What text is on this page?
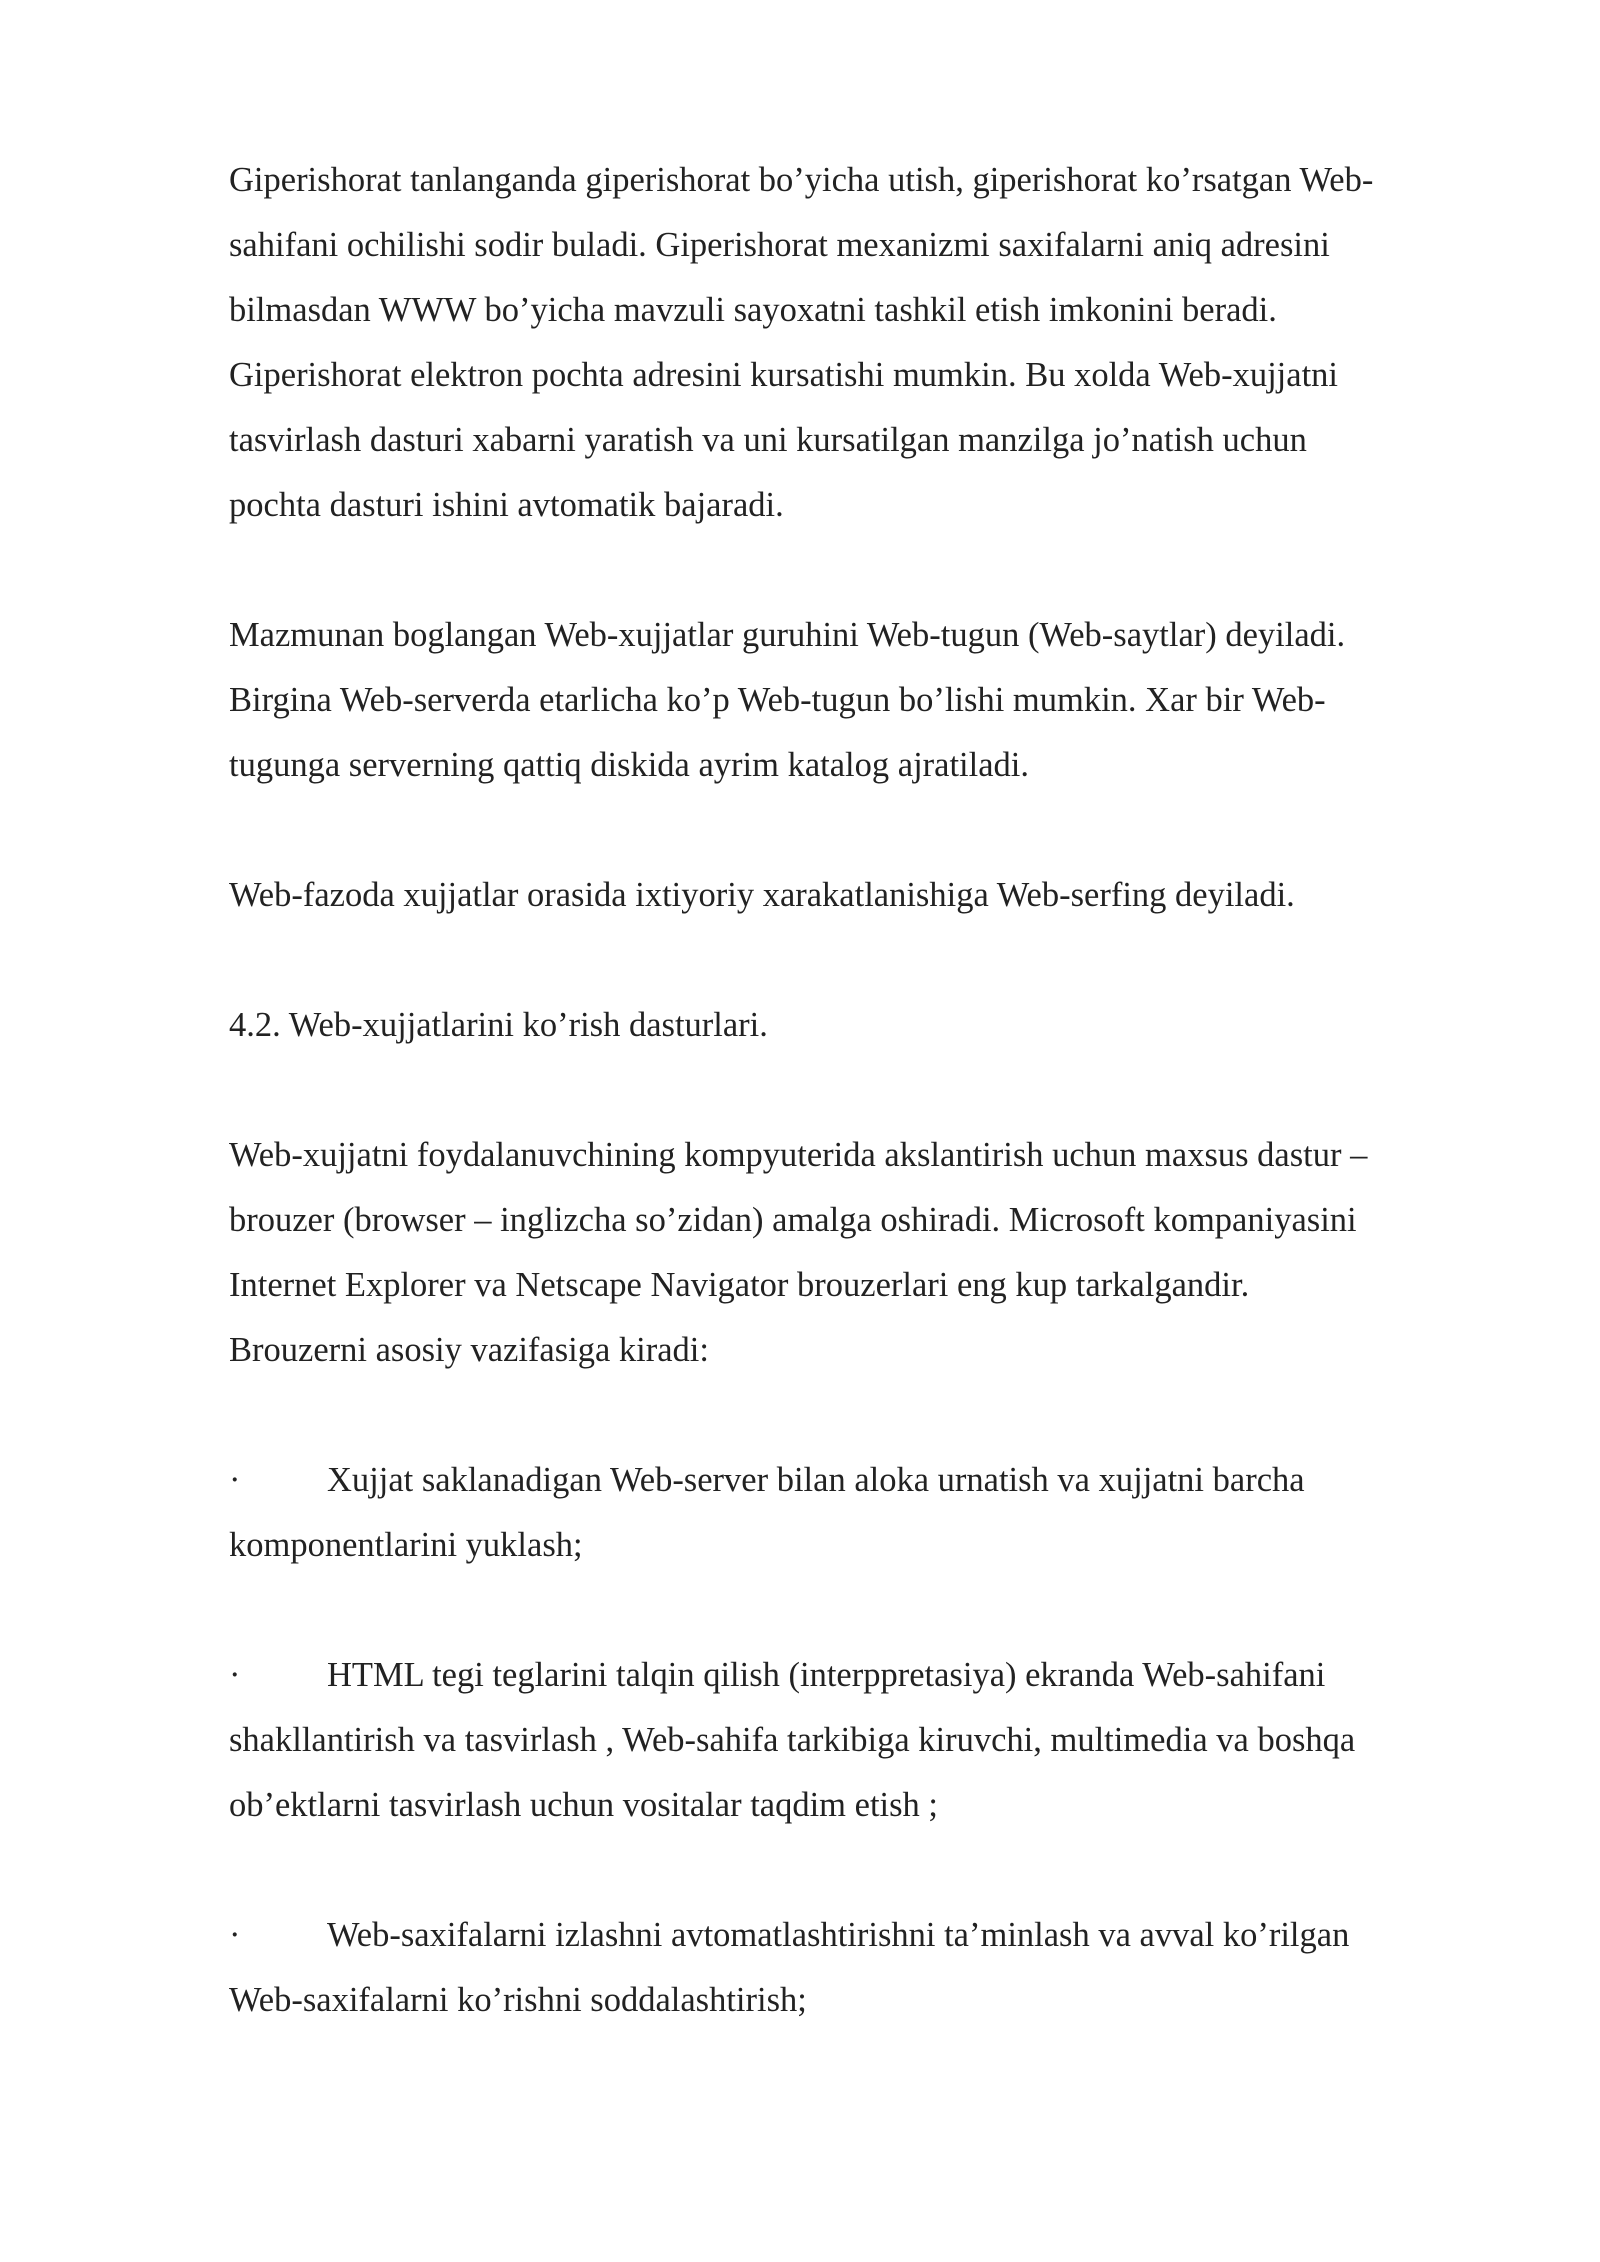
Giperishorat tanlanganda giperishorat bo’yicha utish, giperishorat ko’rsatgan Web-
sahifani ochilishi sodir buladi. Giperishorat mexanizmi saxifalarni aniq adresini
bilmasdan WWW bo’yicha mavzuli sayoxatni tashkil etish imkonini beradi.
Giperishorat elektron pochta adresini kursatishi mumkin. Bu xolda Web-xujjatni
tasvirlash dasturi xabarni yaratish va uni kursatilgan manzilga jo’natish uchun
pochta dasturi ishini avtomatik bajaradi.
Mazmunan boglangan Web-xujjatlar guruhini Web-tugun (Web-saytlar) deyiladi.
Birgina Web-serverda etarlicha ko’p Web-tugun bo’lishi mumkin. Xar bir Web-
tugunga serverning qattiq diskida ayrim katalog ajratiladi.
Web-fazoda xujjatlar orasida ixtiyoriy xarakatlanishiga Web-serfing deyiladi.
4.2. Web-xujjatlarini ko’rish dasturlari.
Web-xujjatni foydalanuvchining kompyuterida akslantirish uchun maxsus dastur –
brouzer (browser – inglizcha so’zidan) amalga oshiradi. Microsoft kompaniyasini
Internet Explorer va Netscape Navigator brouzerlari eng kup tarkalgandir.
Brouzerni asosiy vazifasiga kiradi:
·	Xujjat saklanadigan Web-server bilan aloka urnatish va xujjatni barcha
komponentlarini yuklash;
·	HTML tegi teglarini talqin qilish (interppretasiya) ekranda Web-sahifani
shakllantirish va tasvirlash , Web-sahifa tarkibiga kiruvchi, multimedia va boshqa
ob’ektlarni tasvirlash uchun vositalar taqdim etish ;
·	Web-saxifalarni izlashni avtomatlashtirishni ta’minlash va avval ko’rilgan
Web-saxifalarni ko’rishni soddalashtirish;
